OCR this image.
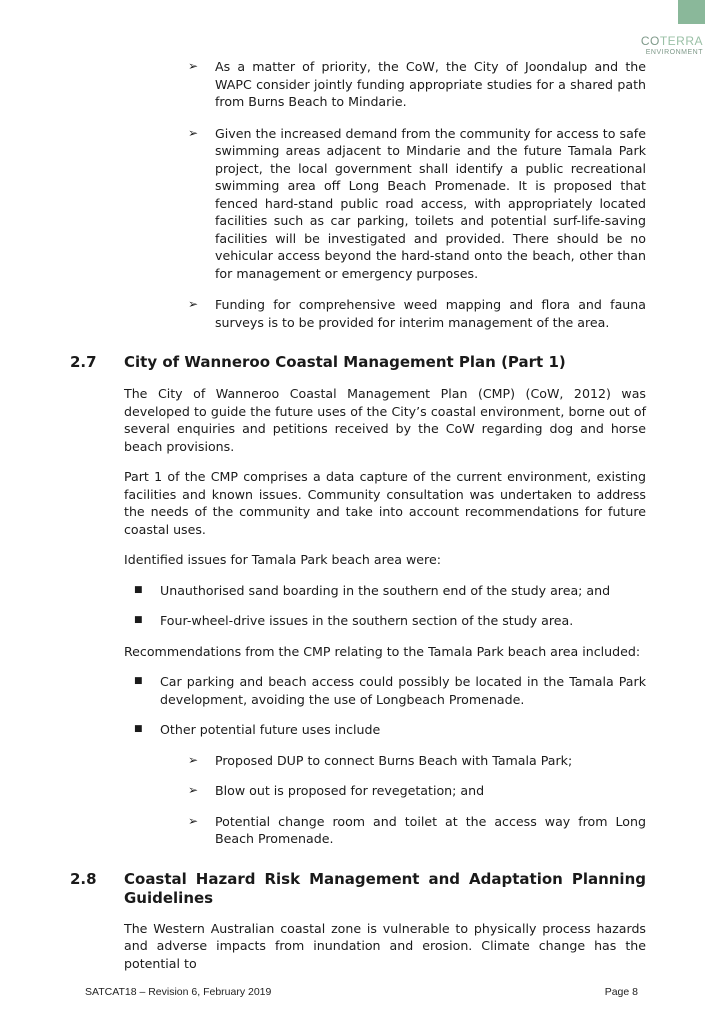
COTERRA
ENVIRONMENT
➢ As a matter of priority, the CoW, the City of Joondalup and the WAPC consider jointly funding appropriate studies for a shared path from Burns Beach to Mindarie.
➢ Given the increased demand from the community for access to safe swimming areas adjacent to Mindarie and the future Tamala Park project, the local government shall identify a public recreational swimming area off Long Beach Promenade. It is proposed that fenced hard-stand public road access, with appropriately located facilities such as car parking, toilets and potential surf-life-saving facilities will be investigated and provided. There should be no vehicular access beyond the hard-stand onto the beach, other than for management or emergency purposes.
➢ Funding for comprehensive weed mapping and flora and fauna surveys is to be provided for interim management of the area.
2.7 City of Wanneroo Coastal Management Plan (Part 1)

The City of Wanneroo Coastal Management Plan (CMP) (CoW, 2012) was developed to guide the future uses of the City’s coastal environment, borne out of several enquiries and petitions received by the CoW regarding dog and horse beach provisions.

Part 1 of the CMP comprises a data capture of the current environment, existing facilities and known issues. Community consultation was undertaken to address the needs of the community and take into account recommendations for future coastal uses.

Identified issues for Tamala Park beach area were:

■ Unauthorised sand boarding in the southern end of the study area; and
■ Four-wheel-drive issues in the southern section of the study area.

Recommendations from the CMP relating to the Tamala Park beach area included:

■ Car parking and beach access could possibly be located in the Tamala Park development, avoiding the use of Longbeach Promenade.
■ Other potential future uses include
➢ Proposed DUP to connect Burns Beach with Tamala Park;
➢ Blow out is proposed for revegetation; and
➢ Potential change room and toilet at the access way from Long Beach Promenade.
2.8 Coastal Hazard Risk Management and Adaptation Planning Guidelines

The Western Australian coastal zone is vulnerable to physically process hazards and adverse impacts from inundation and erosion. Climate change has the potential to

SATCAT18 – Revision 6, February 2019	Page 8
